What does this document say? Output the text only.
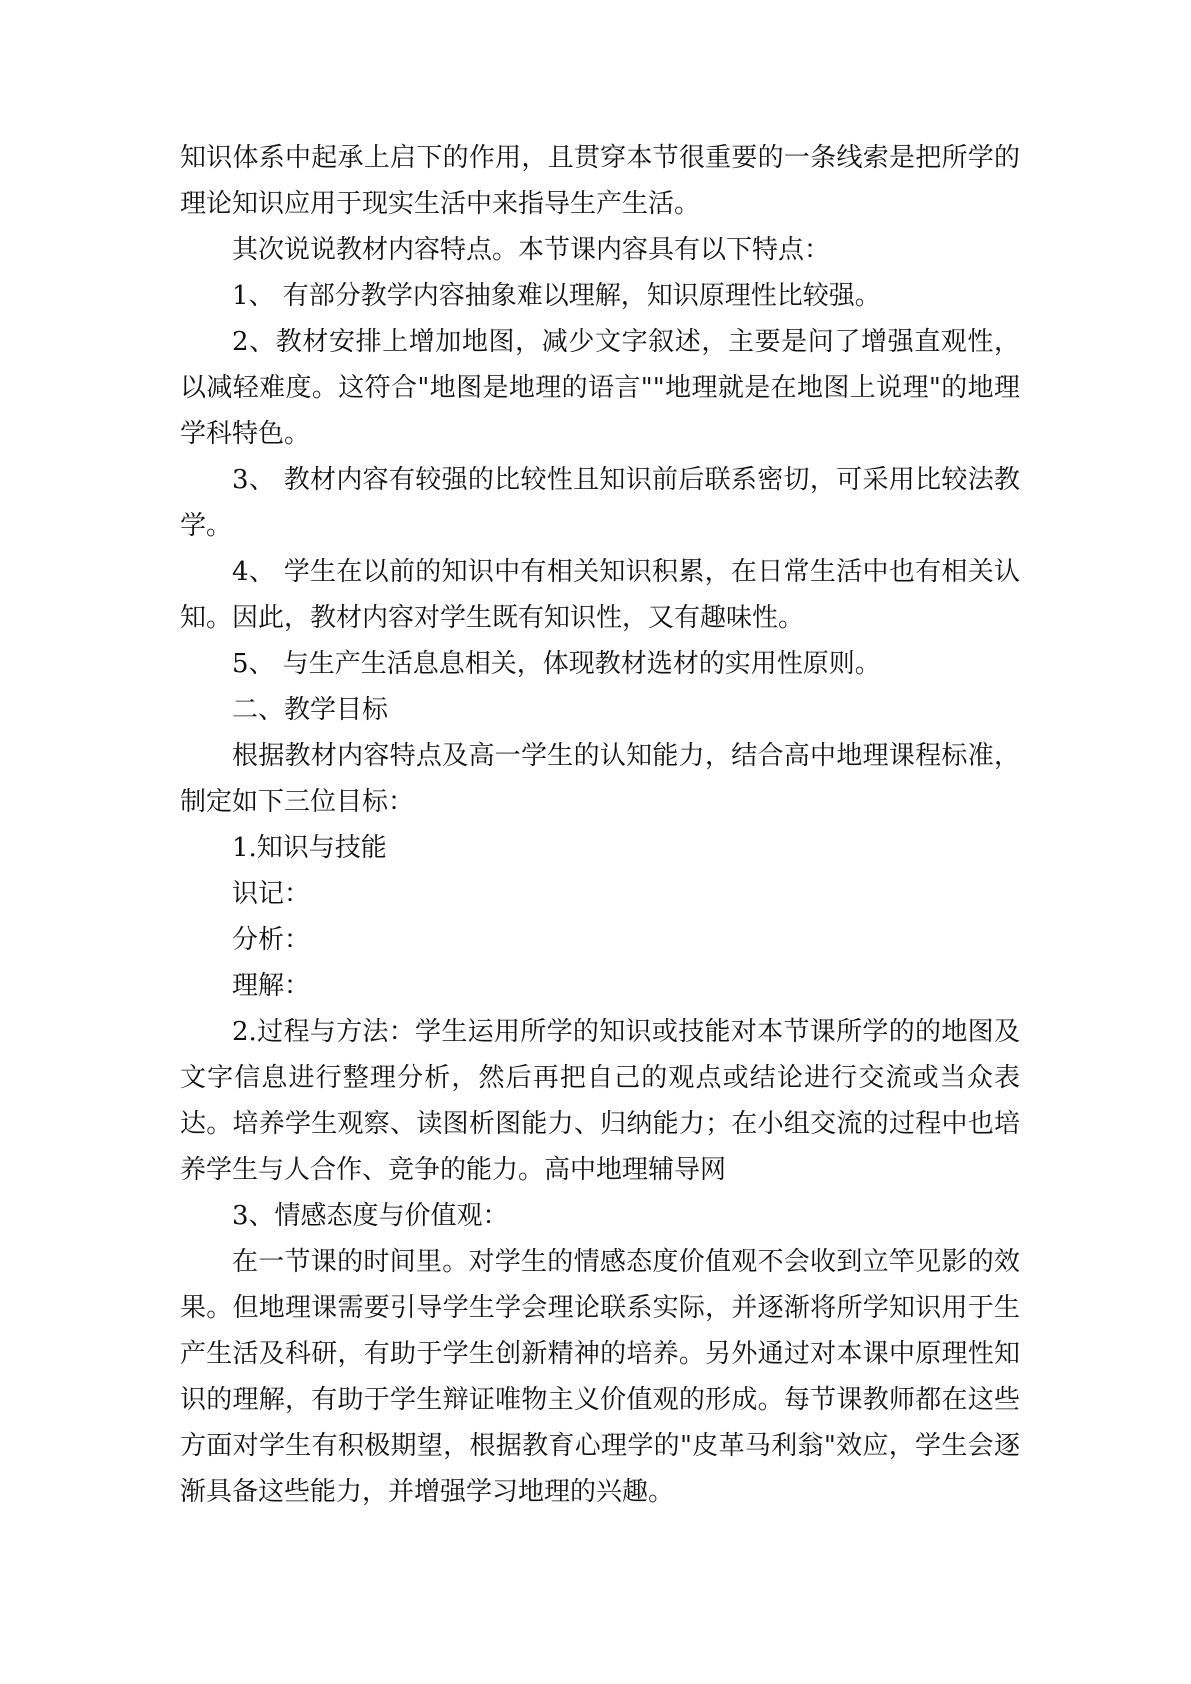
知识体系中起承上启下的作用，且贯穿本节很重要的一条线索是把所学的理论知识应用于现实生活中来指导生产生活。

其次说说教材内容特点。本节课内容具有以下特点：

1、 有部分教学内容抽象难以理解，知识原理性比较强。

2、教材安排上增加地图，减少文字叙述，主要是问了增强直观性，以减轻难度。这符合"地图是地理的语言""地理就是在地图上说理"的地理学科特色。

3、 教材内容有较强的比较性且知识前后联系密切，可采用比较法教学。

4、 学生在以前的知识中有相关知识积累，在日常生活中也有相关认知。因此，教材内容对学生既有知识性，又有趣味性。

5、 与生产生活息息相关，体现教材选材的实用性原则。

二、教学目标

根据教材内容特点及高一学生的认知能力，结合高中地理课程标准，制定如下三位目标：

1.知识与技能

识记：

分析：

理解：

2.过程与方法：学生运用所学的知识或技能对本节课所学的的地图及文字信息进行整理分析，然后再把自己的观点或结论进行交流或当众表达。培养学生观察、读图析图能力、归纳能力；在小组交流的过程中也培养学生与人合作、竞争的能力。高中地理辅导网

3、情感态度与价值观：

在一节课的时间里。对学生的情感态度价值观不会收到立竿见影的效果。但地理课需要引导学生学会理论联系实际，并逐渐将所学知识用于生产生活及科研，有助于学生创新精神的培养。另外通过对本课中原理性知识的理解，有助于学生辩证唯物主义价值观的形成。每节课教师都在这些方面对学生有积极期望，根据教育心理学的"皮革马利翁"效应，学生会逐渐具备这些能力，并增强学习地理的兴趣。
